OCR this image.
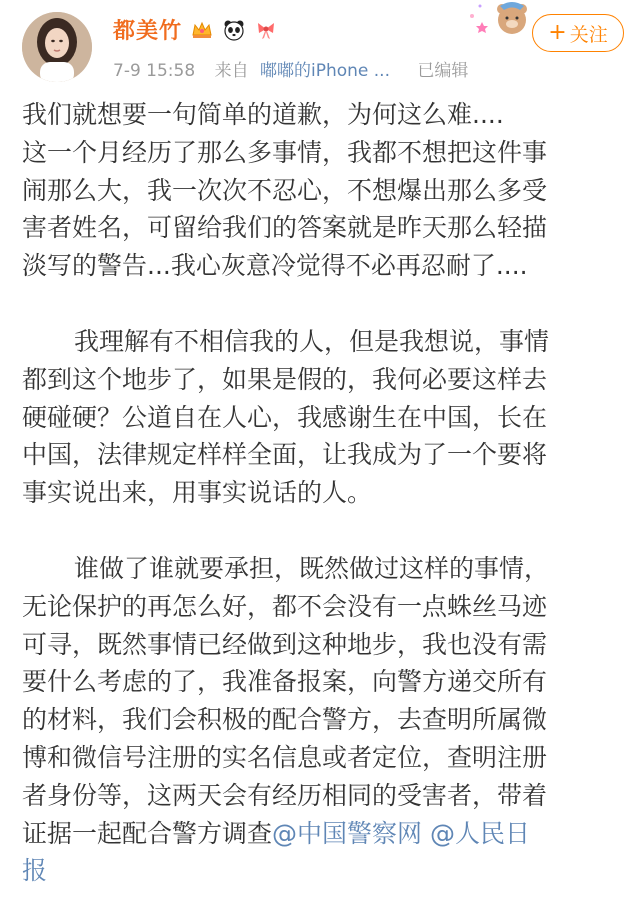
都美竹
7-9 15:58 来自 嘟嘟的iPhone ... 已编辑
+ 关注

我们就想要一句简单的道歉，为何这么难....

这一个月经历了那么多事情，我都不想把这件事

闹那么大，我一次次不忍心，不想爆出那么多受

害者姓名，可留给我们的答案就是昨天那么轻描

淡写的警告...我心灰意冷觉得不必再忍耐了....

我理解有不相信我的人，但是我想说，事情

都到这个地步了，如果是假的，我何必要这样去

硬碰硬？公道自在人心，我感谢生在中国，长在

中国，法律规定样样全面，让我成为了一个要将

事实说出来，用事实说话的人。

谁做了谁就要承担，既然做过这样的事情，

无论保护的再怎么好，都不会没有一点蛛丝马迹

可寻，既然事情已经做到这种地步，我也没有需

要什么考虑的了，我准备报案，向警方递交所有

的材料，我们会积极的配合警方，去查明所属微

博和微信号注册的实名信息或者定位，查明注册

者身份等，这两天会有经历相同的受害者，带着

证据一起配合警方调查@中国警察网 @人民日

报
